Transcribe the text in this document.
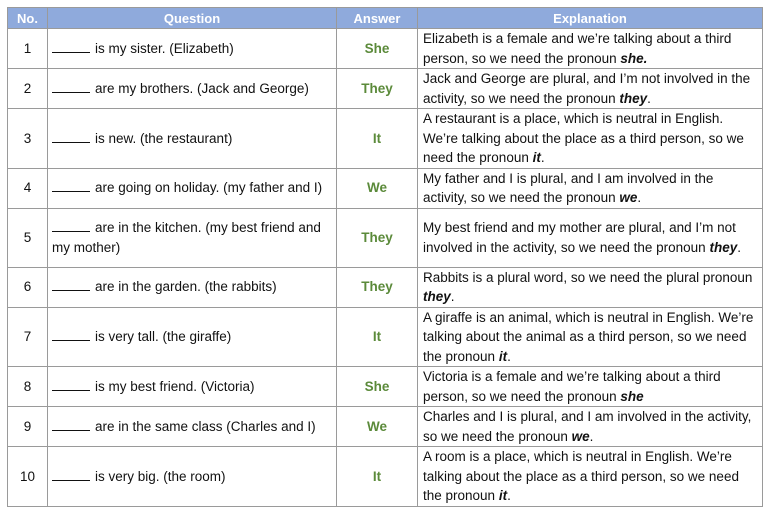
No.	Question	Answer	Explanation
1	is my sister. (Elizabeth)	She	Elizabeth is a female and we’re talking about a third person, so we need the pronoun she.
2	are my brothers. (Jack and George)	They	Jack and George are plural, and I’m not involved in the activity, so we need the pronoun they.
3	is new. (the restaurant)	It	A restaurant is a place, which is neutral in English. We’re talking about the place as a third person, so we need the pronoun it.
4	are going on holiday. (my father and I)	We	My father and I is plural, and I am involved in the activity, so we need the pronoun we.
5	are in the kitchen. (my best friend and my mother)	They	My best friend and my mother are plural, and I’m not involved in the activity, so we need the pronoun they.
6	are in the garden. (the rabbits)	They	Rabbits is a plural word, so we need the plural pronoun they.
7	is very tall. (the giraffe)	It	A giraffe is an animal, which is neutral in English. We’re talking about the animal as a third person, so we need the pronoun it.
8	is my best friend. (Victoria)	She	Victoria is a female and we’re talking about a third person, so we need the pronoun she
9	are in the same class (Charles and I)	We	Charles and I is plural, and I am involved in the activity, so we need the pronoun we.
10	is very big. (the room)	It	A room is a place, which is neutral in English. We’re talking about the place as a third person, so we need the pronoun it.
